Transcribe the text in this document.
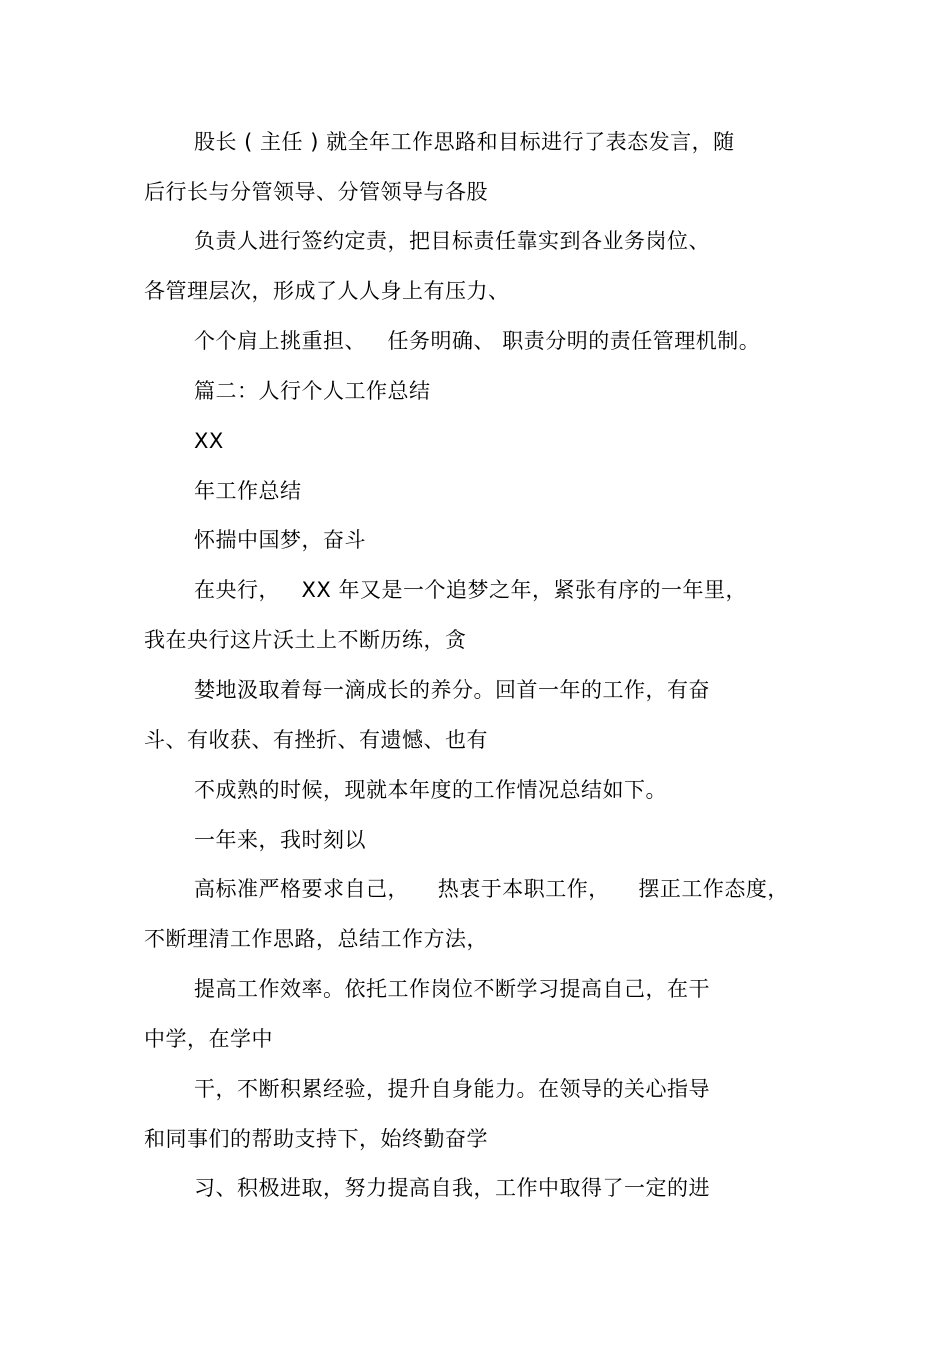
股长 ( 主任 ) 就全年工作思路和目标进行了表态发言，随
后行长与分管领导、分管领导与各股
负责人进行签约定责，把目标责任靠实到各业务岗位、
各管理层次，形成了人人身上有压力、
个个肩上挑重担、   任务明确、 职责分明的责任管理机制。
篇二：人行个人工作总结
XX
年工作总结
怀揣中国梦，奋斗
在央行，   XX 年又是一个追梦之年，紧张有序的一年里，
我在央行这片沃土上不断历练，贪
婪地汲取着每一滴成长的养分。回首一年的工作，有奋
斗、有收获、有挫折、有遗憾、也有
不成熟的时候，现就本年度的工作情况总结如下。
一年来，我时刻以
高标准严格要求自己，    热衷于本职工作，    摆正工作态度，
不断理清工作思路，总结工作方法，
提高工作效率。依托工作岗位不断学习提高自己，在干
中学，在学中
干，不断积累经验，提升自身能力。在领导的关心指导
和同事们的帮助支持下，始终勤奋学
习、积极进取，努力提高自我，工作中取得了一定的进
